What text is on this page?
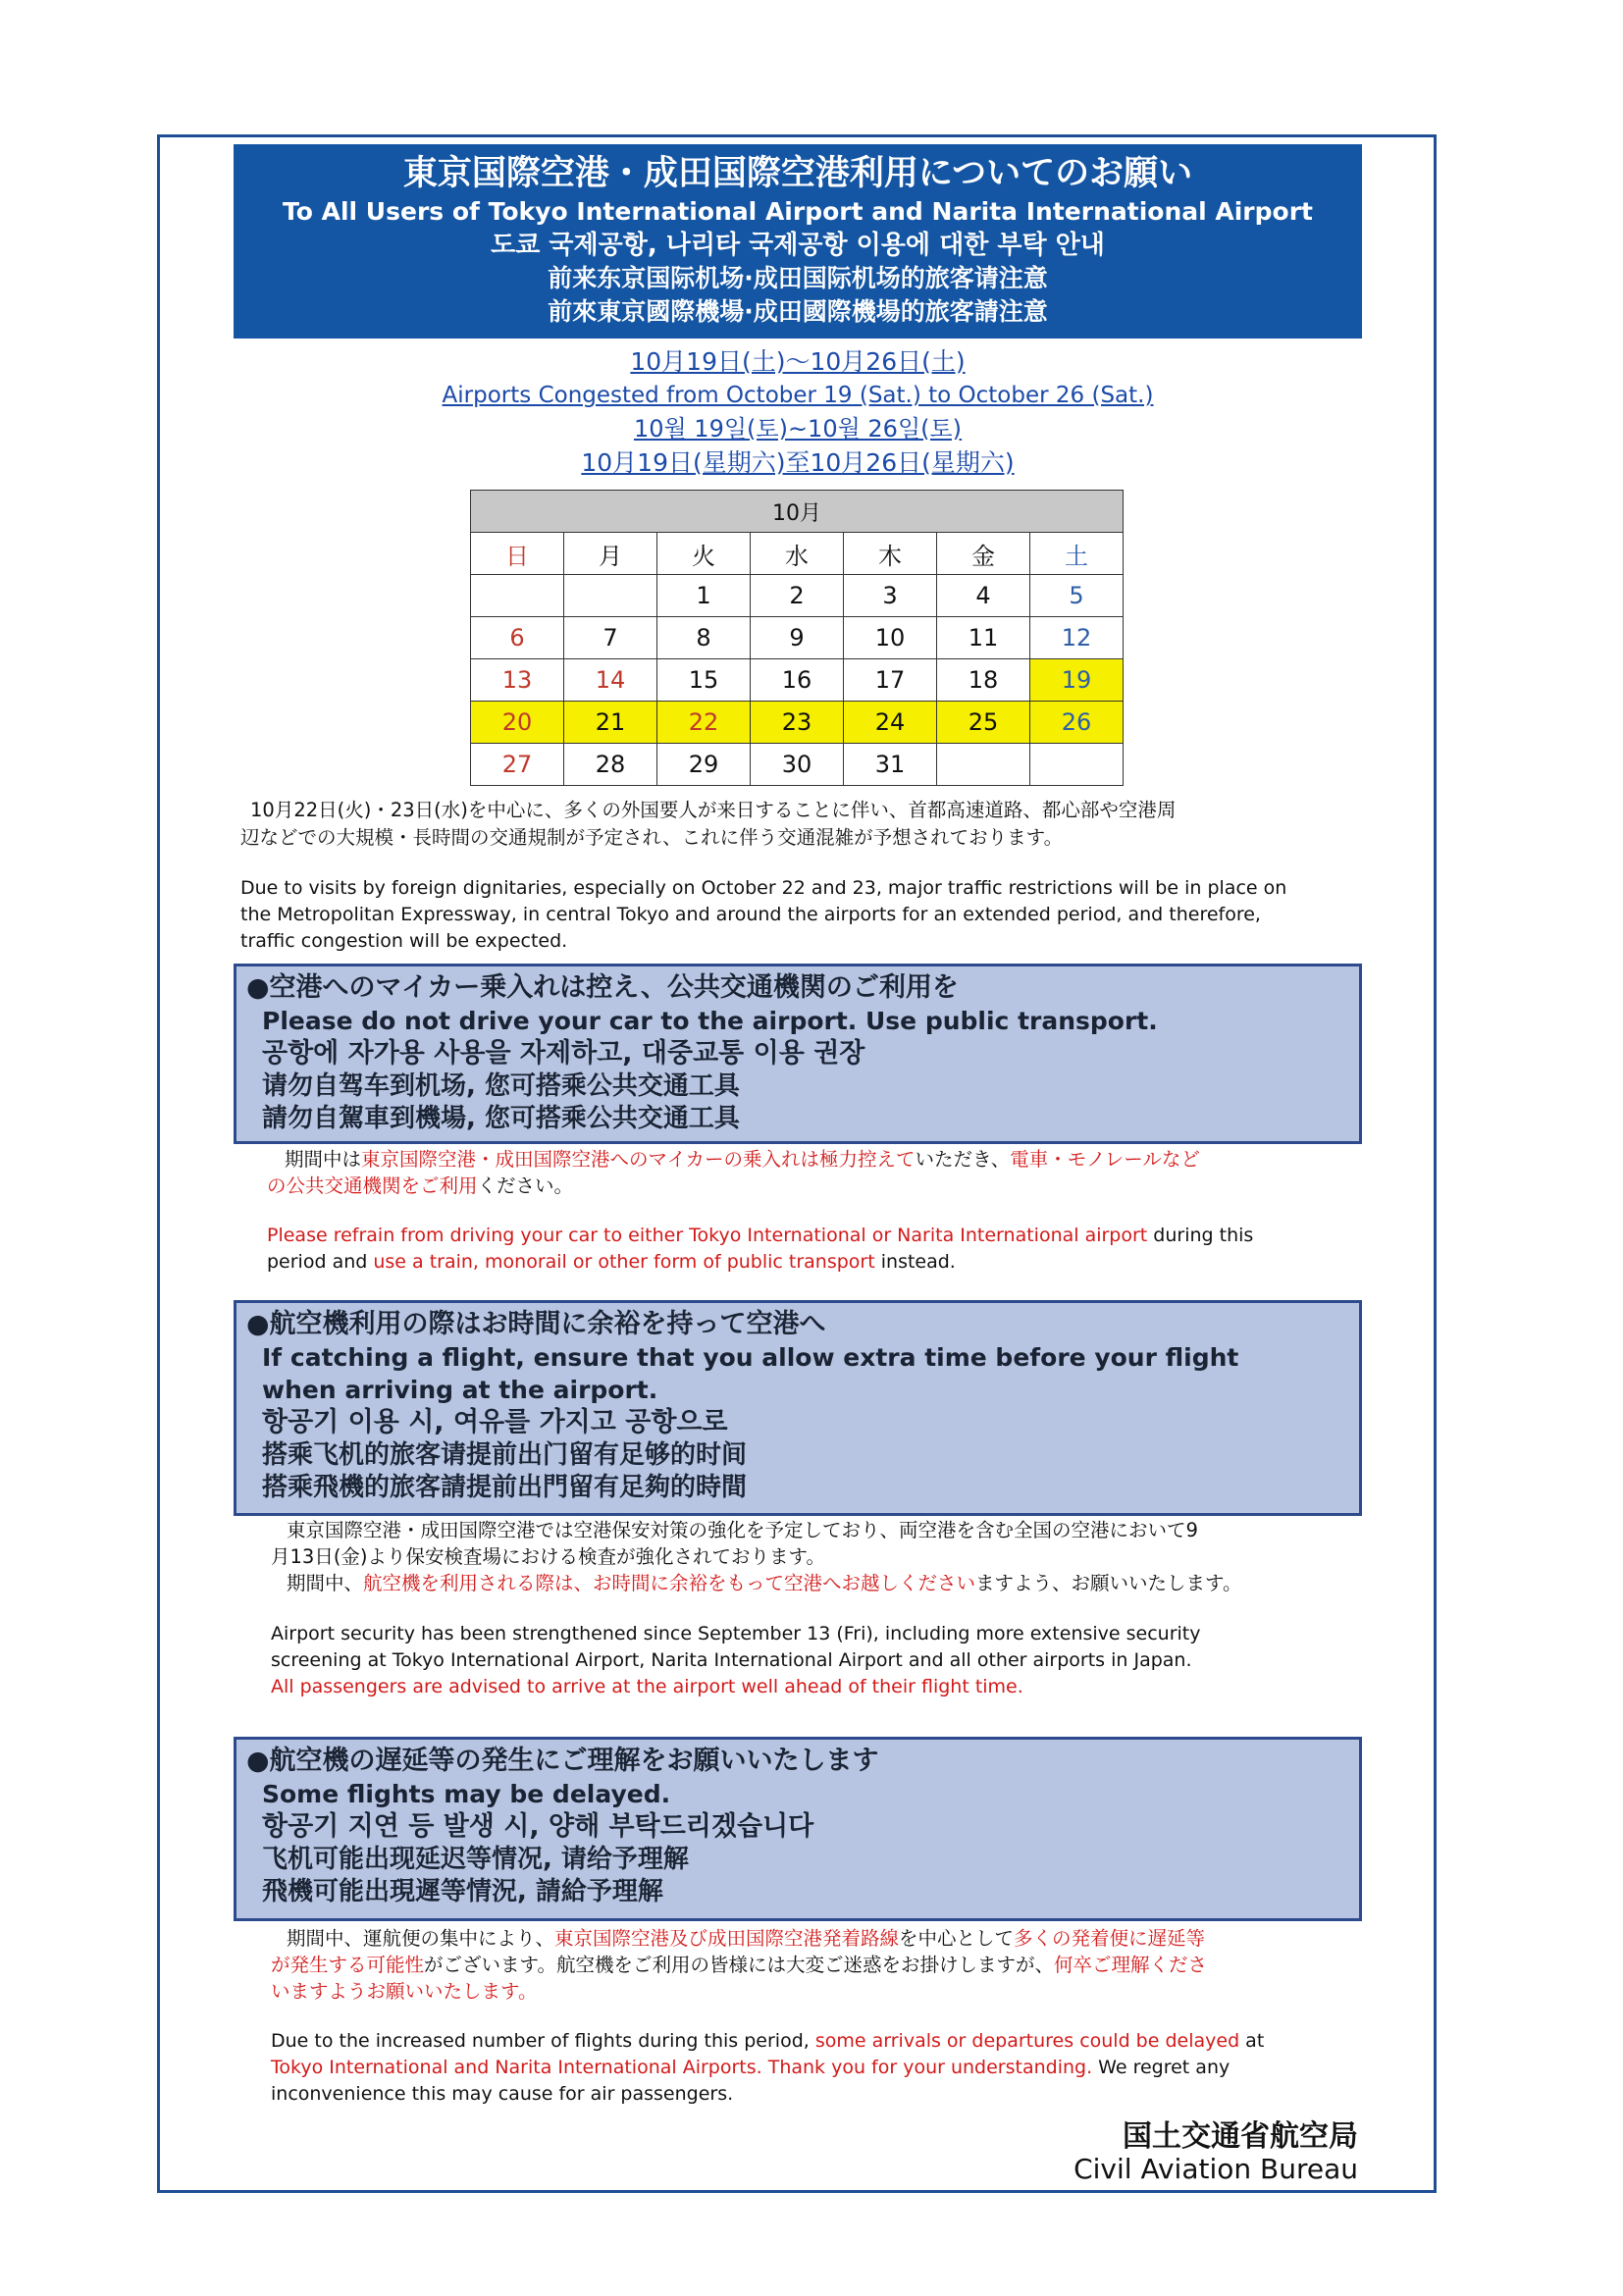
東京国際空港・成田国際空港利用についてのお願い
To All Users of Tokyo International Airport and Narita International Airport
도쿄 국제공항, 나리타 국제공항 이용에 대한 부탁 안내
前来东京国际机场·成田国际机场的旅客请注意
前來東京國際機場·成田國際機場的旅客請注意
10月19日(土)～10月26日(土)
Airports Congested from October 19 (Sat.) to October 26 (Sat.)
10월 19일(토)~10월 26일(토)
10月19日(星期六)至10月26日(星期六)
10月						
日	月	火	水	木	金	土
		1	2	3	4	5
6	7	8	9	10	11	12
13	14	15	16	17	18	19
20	21	22	23	24	25	26
27	28	29	30	31		
10月22日(火)・23日(水)を中心に、多くの外国要人が来日することに伴い、首都高速道路、都心部や空港周
辺などでの大規模・長時間の交通規制が予定され、これに伴う交通混雑が予想されております。
Due to visits by foreign dignitaries, especially on October 22 and 23, major traffic restrictions will be in place on
the Metropolitan Expressway, in central Tokyo and around the airports for an extended period, and therefore,
traffic congestion will be expected.
●空港へのマイカー乗入れは控え、公共交通機関のご利用を
Please do not drive your car to the airport. Use public transport.
공항에 자가용 사용을 자제하고, 대중교통 이용 권장
请勿自驾车到机场, 您可搭乘公共交通工具
請勿自駕車到機場, 您可搭乘公共交通工具
期間中は東京国際空港・成田国際空港へのマイカーの乗入れは極力控えていただき、電車・モノレールなど
の公共交通機関をご利用ください。
Please refrain from driving your car to either Tokyo International or Narita International airport during this
period and use a train, monorail or other form of public transport instead.
●航空機利用の際はお時間に余裕を持って空港へ
If catching a flight, ensure that you allow extra time before your flight
when arriving at the airport.
항공기 이용 시, 여유를 가지고 공항으로
搭乘飞机的旅客请提前出门留有足够的时间
搭乘飛機的旅客請提前出門留有足夠的時間
東京国際空港・成田国際空港では空港保安対策の強化を予定しており、両空港を含む全国の空港において9
月13日(金)より保安検査場における検査が強化されております。
期間中、航空機を利用される際は、お時間に余裕をもって空港へお越しくださいますよう、お願いいたします。
Airport security has been strengthened since September 13 (Fri), including more extensive security
screening at Tokyo International Airport, Narita International Airport and all other airports in Japan.
All passengers are advised to arrive at the airport well ahead of their flight time.
●航空機の遅延等の発生にご理解をお願いいたします
Some flights may be delayed.
항공기 지연 등 발생 시, 양해 부탁드리겠습니다
飞机可能出现延迟等情况, 请给予理解
飛機可能出現遲等情況, 請給予理解
期間中、運航便の集中により、東京国際空港及び成田国際空港発着路線を中心として多くの発着便に遅延等
が発生する可能性がございます。航空機をご利用の皆様には大変ご迷惑をお掛けしますが、何卒ご理解くださ
いますようお願いいたします。
Due to the increased number of flights during this period, some arrivals or departures could be delayed at
Tokyo International and Narita International Airports. Thank you for your understanding. We regret any
inconvenience this may cause for air passengers.
国土交通省航空局
Civil Aviation Bureau
